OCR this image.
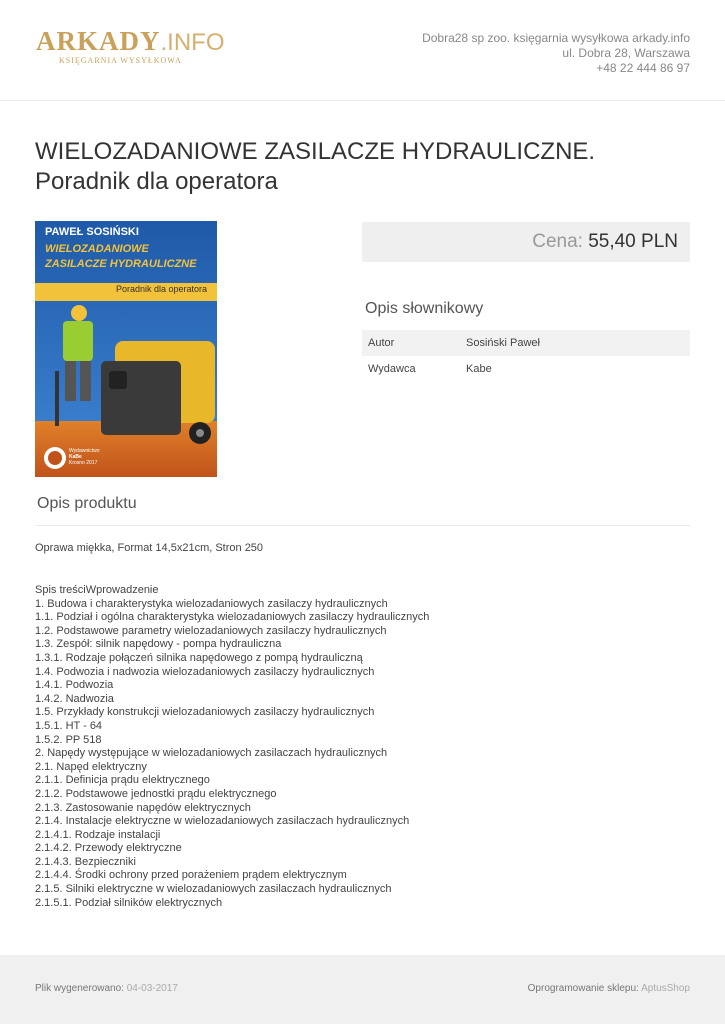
ARKADY.INFO
KSIĘGARNIA WYSYŁKOWA
Dobra28 sp zoo. księgarnia wysyłkowa arkady.info
ul. Dobra 28, Warszawa
+48 22 444 86 97
WIELOZADANIOWE ZASILACZE HYDRAULICZNE. Poradnik dla operatora
PAWEŁ SOSIŃSKI
WIELOZADANIOWE
ZASILACZE HYDRAULICZNE
Poradnik dla operatora
Wydawnictwo
KaBe
Krosno 2017
Cena: 55,40 PLN
Opis słownikowy
Autor	Sosiński Paweł
Wydawca	Kabe
Opis produktu
Oprawa miękka, Format 14,5x21cm, Stron 250
Spis treściWprowadzenie
1. Budowa i charakterystyka wielozadaniowych zasilaczy hydraulicznych
1.1. Podział i ogólna charakterystyka wielozadaniowych zasilaczy hydraulicznych
1.2. Podstawowe parametry wielozadaniowych zasilaczy hydraulicznych
1.3. Zespół: silnik napędowy - pompa hydrauliczna
1.3.1. Rodzaje połączeń silnika napędowego z pompą hydrauliczną
1.4. Podwozia i nadwozia wielozadaniowych zasilaczy hydraulicznych
1.4.1. Podwozia
1.4.2. Nadwozia
1.5. Przykłady konstrukcji wielozadaniowych zasilaczy hydraulicznych
1.5.1. HT - 64
1.5.2. PP 518
2. Napędy występujące w wielozadaniowych zasilaczach hydraulicznych
2.1. Napęd elektryczny
2.1.1. Definicja prądu elektrycznego
2.1.2. Podstawowe jednostki prądu elektrycznego
2.1.3. Zastosowanie napędów elektrycznych
2.1.4. Instalacje elektryczne w wielozadaniowych zasilaczach hydraulicznych
2.1.4.1. Rodzaje instalacji
2.1.4.2. Przewody elektryczne
2.1.4.3. Bezpieczniki
2.1.4.4. Środki ochrony przed porażeniem prądem elektrycznym
2.1.5. Silniki elektryczne w wielozadaniowych zasilaczach hydraulicznych
2.1.5.1. Podział silników elektrycznych
Plik wygenerowano: 04-03-2017	Oprogramowanie sklepu: AptusShop
